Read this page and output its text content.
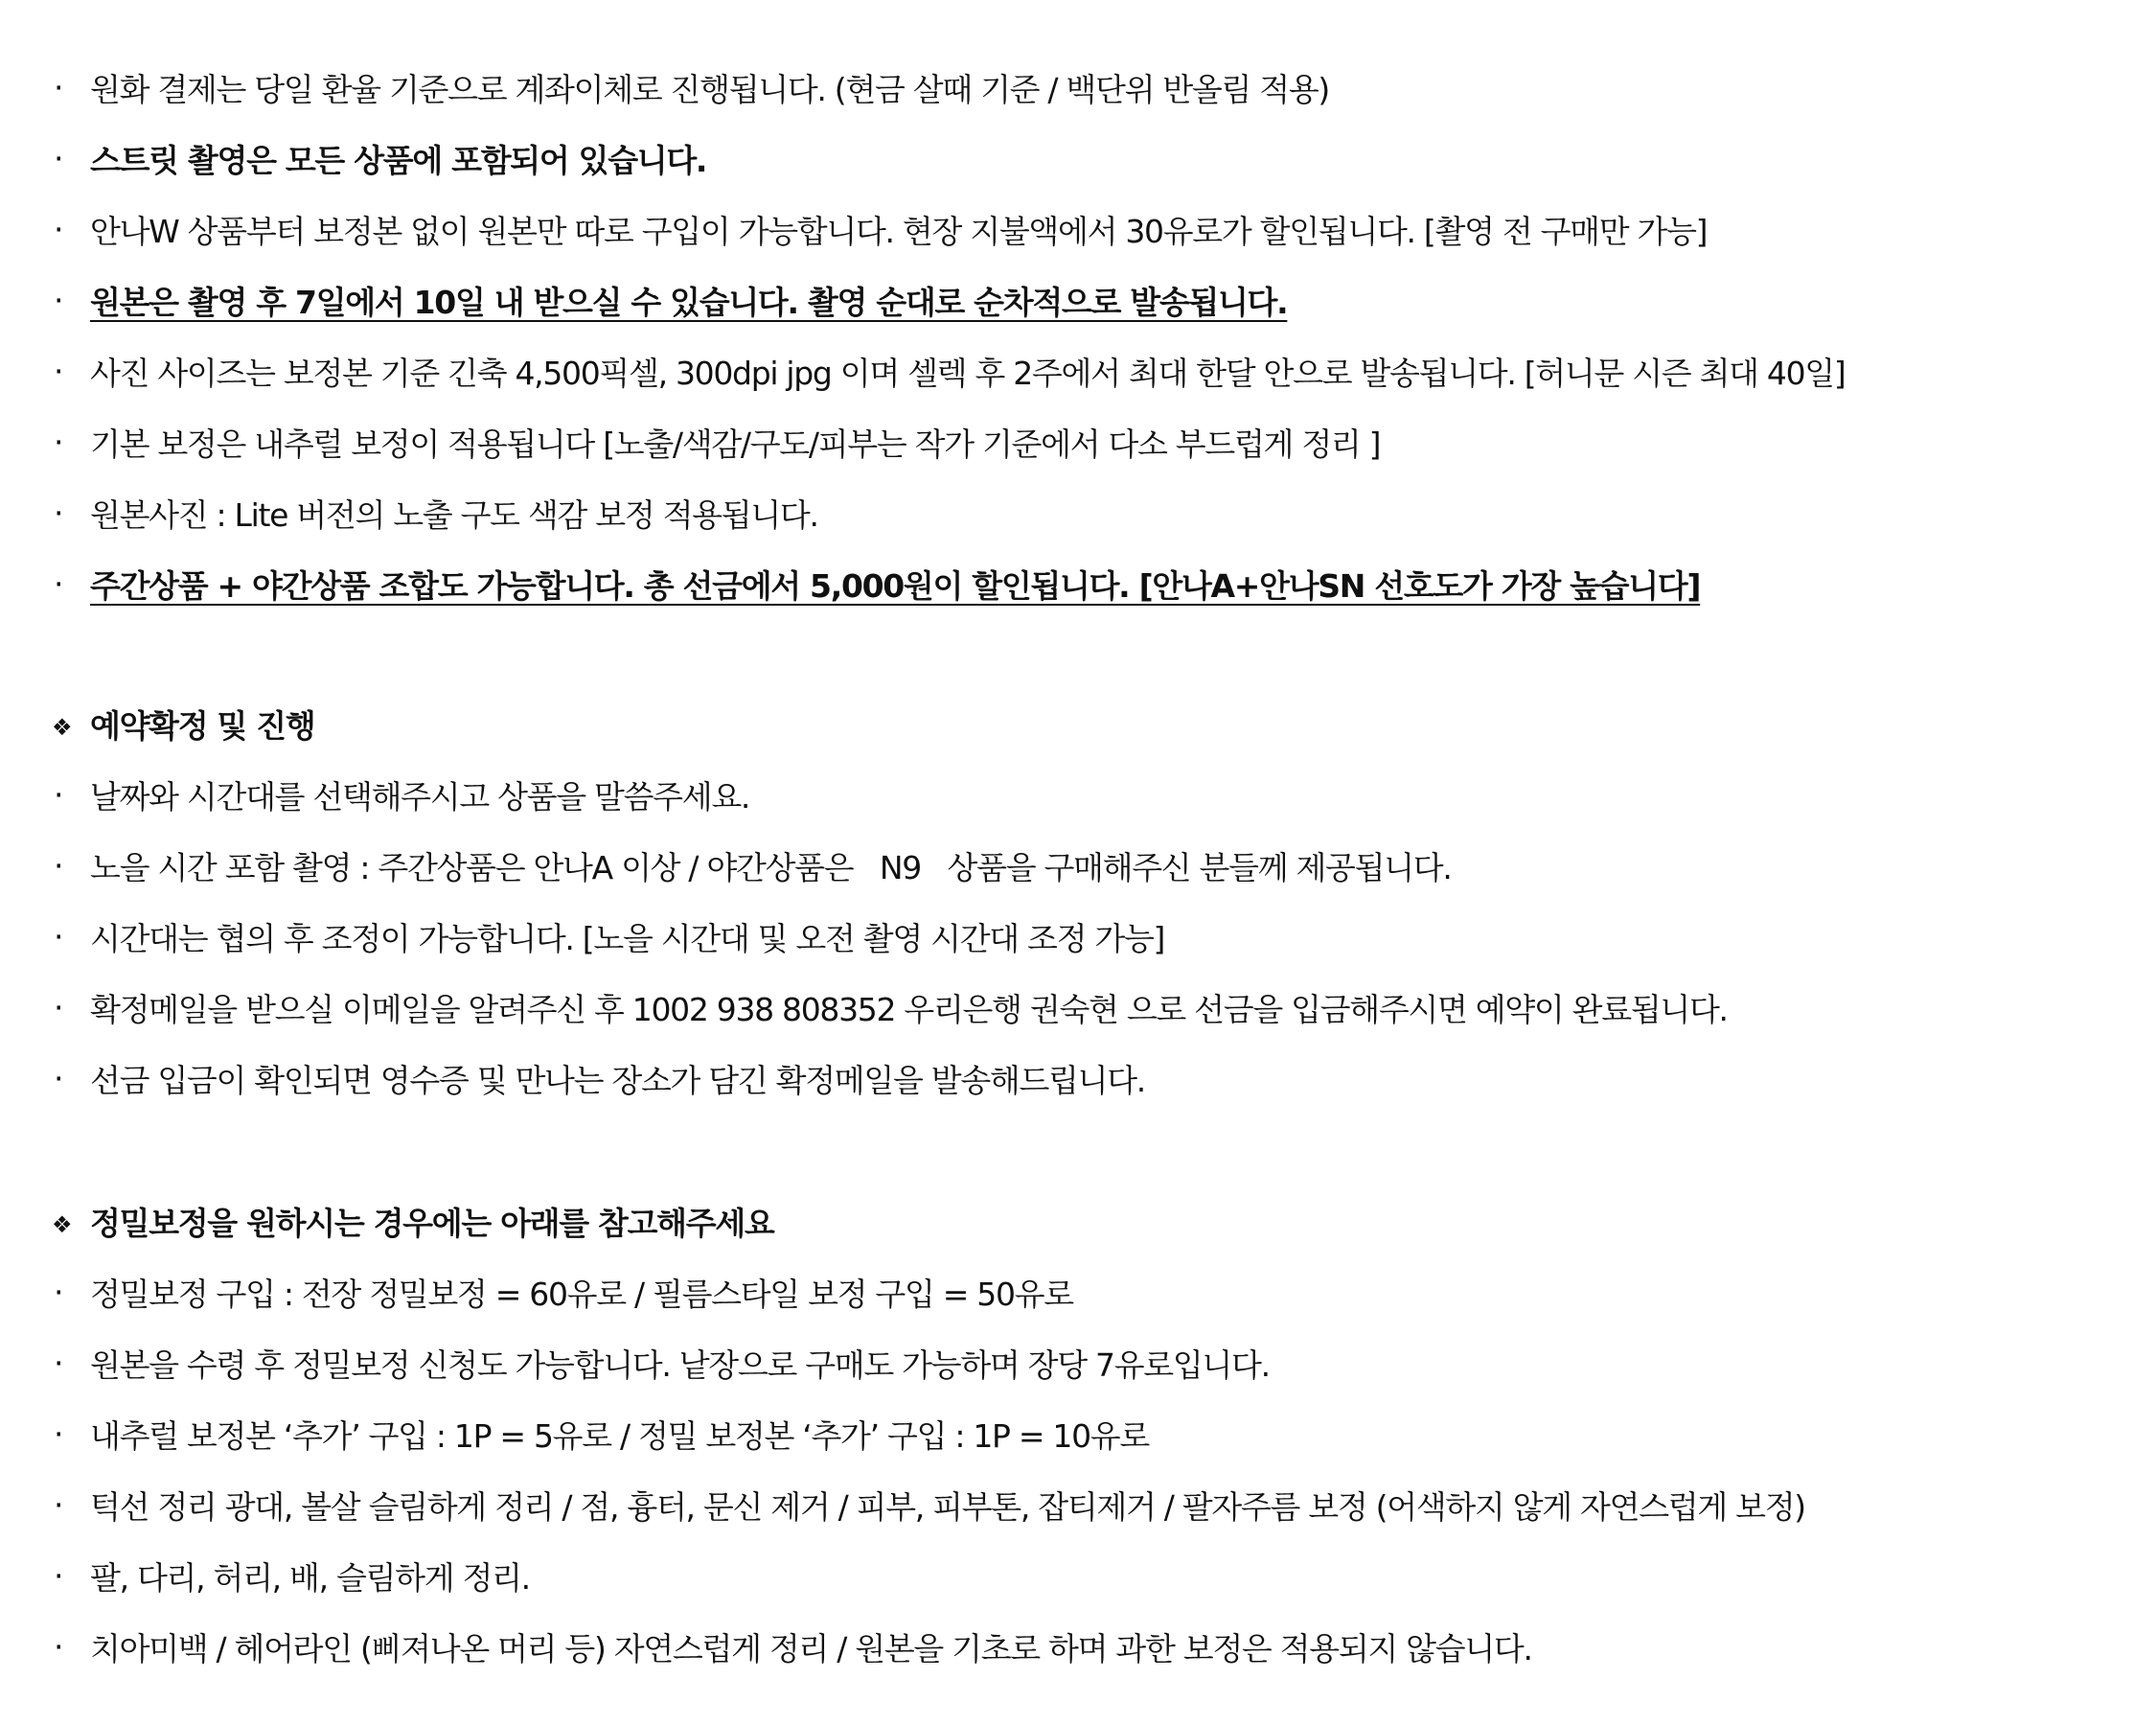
· 원화 결제는 당일 환율 기준으로 계좌이체로 진행됩니다. (현금 살때 기준 / 백단위 반올림 적용)
· 스트릿 촬영은 모든 상품에 포함되어 있습니다.
· 안나W 상품부터 보정본 없이 원본만 따로 구입이 가능합니다. 현장 지불액에서 30유로가 할인됩니다. [촬영 전 구매만 가능]
· 원본은 촬영 후 7일에서 10일 내 받으실 수 있습니다. 촬영 순대로 순차적으로 발송됩니다.
· 사진 사이즈는 보정본 기준 긴축 4,500픽셀, 300dpi jpg 이며 셀렉 후 2주에서 최대 한달 안으로 발송됩니다. [허니문 시즌 최대 40일]
· 기본 보정은 내추럴 보정이 적용됩니다 [노출/색감/구도/피부는 작가 기준에서 다소 부드럽게 정리 ]
· 원본사진 : Lite 버전의 노출 구도 색감 보정 적용됩니다.
· 주간상품 + 야간상품 조합도 가능합니다. 총 선금에서 5,000원이 할인됩니다. [안나A+안나SN 선호도가 가장 높습니다]
❖ 예약확정 및 진행
· 날짜와 시간대를 선택해주시고 상품을 말씀주세요.
· 노을 시간 포함 촬영 : 주간상품은 안나A 이상 / 야간상품은   N9   상품을 구매해주신 분들께 제공됩니다.
· 시간대는 협의 후 조정이 가능합니다. [노을 시간대 및 오전 촬영 시간대 조정 가능]
· 확정메일을 받으실 이메일을 알려주신 후 1002 938 808352 우리은행 권숙현 으로 선금을 입금해주시면 예약이 완료됩니다.
· 선금 입금이 확인되면 영수증 및 만나는 장소가 담긴 확정메일을 발송해드립니다.
❖ 정밀보정을 원하시는 경우에는 아래를 참고해주세요
· 정밀보정 구입 : 전장 정밀보정 = 60유로 / 필름스타일 보정 구입 = 50유로
· 원본을 수령 후 정밀보정 신청도 가능합니다. 낱장으로 구매도 가능하며 장당 7유로입니다.
· 내추럴 보정본 ‘추가’ 구입 : 1P = 5유로 / 정밀 보정본 ‘추가’ 구입 : 1P = 10유로
· 턱선 정리 광대, 볼살 슬림하게 정리 / 점, 흉터, 문신 제거 / 피부, 피부톤, 잡티제거 / 팔자주름 보정 (어색하지 않게 자연스럽게 보정)
· 팔, 다리, 허리, 배, 슬림하게 정리.
· 치아미백 / 헤어라인 (삐져나온 머리 등) 자연스럽게 정리 / 원본을 기초로 하며 과한 보정은 적용되지 않습니다.
